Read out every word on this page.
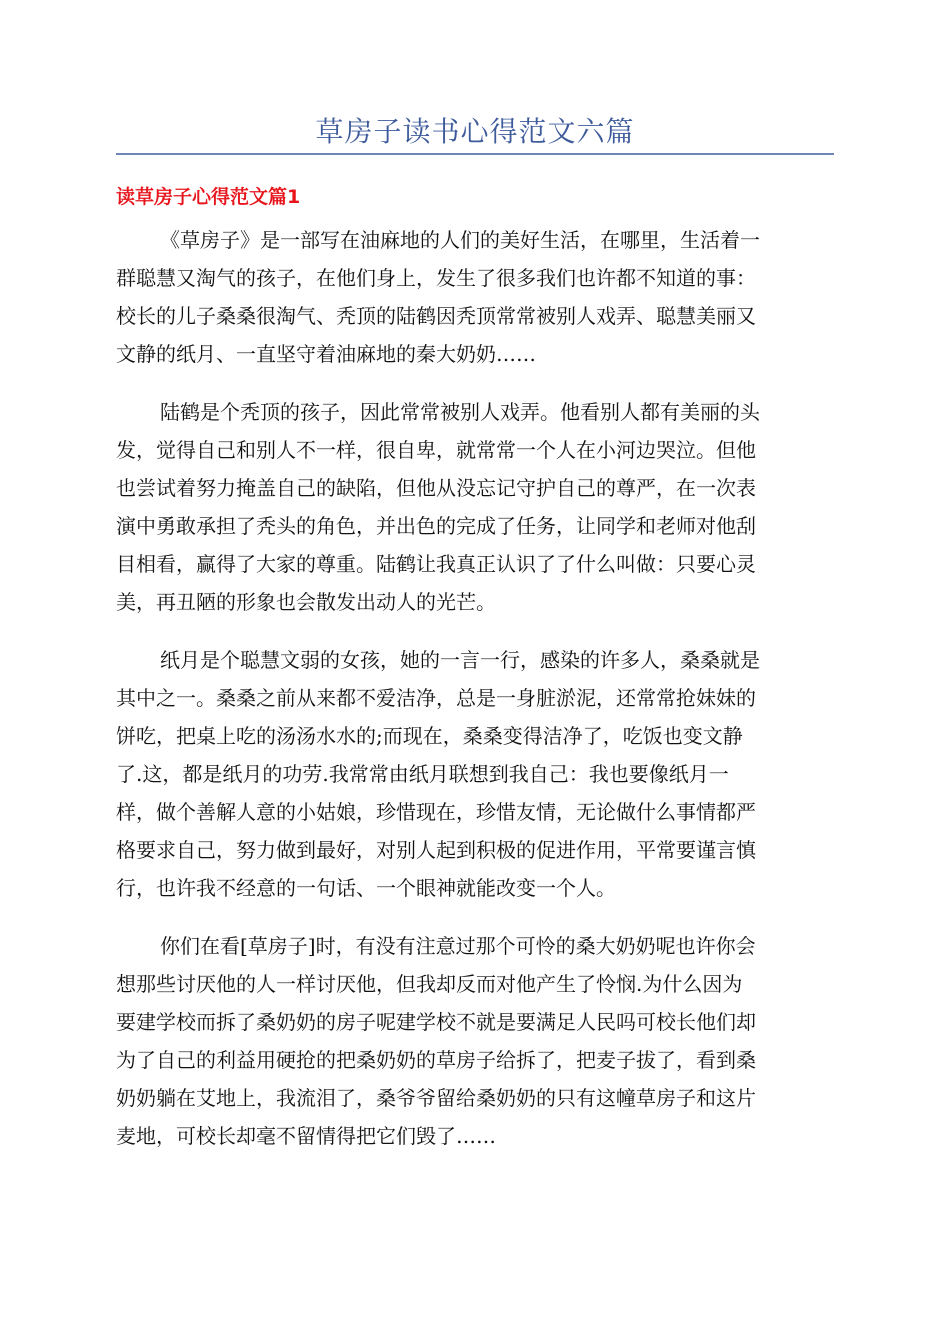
草房子读书心得范文六篇
读草房子心得范文篇1
《草房子》是一部写在油麻地的人们的美好生活，在哪里，生活着一
群聪慧又淘气的孩子，在他们身上，发生了很多我们也许都不知道的事：
校长的儿子桑桑很淘气、秃顶的陆鹤因秃顶常常被别人戏弄、聪慧美丽又
文静的纸月、一直坚守着油麻地的秦大奶奶……
陆鹤是个秃顶的孩子，因此常常被别人戏弄。他看别人都有美丽的头
发，觉得自己和别人不一样，很自卑，就常常一个人在小河边哭泣。但他
也尝试着努力掩盖自己的缺陷，但他从没忘记守护自己的尊严，在一次表
演中勇敢承担了秃头的角色，并出色的完成了任务，让同学和老师对他刮
目相看，赢得了大家的尊重。陆鹤让我真正认识了了什么叫做：只要心灵
美，再丑陋的形象也会散发出动人的光芒。
纸月是个聪慧文弱的女孩，她的一言一行，感染的许多人，桑桑就是
其中之一。桑桑之前从来都不爱洁净，总是一身脏淤泥，还常常抢妹妹的
饼吃，把桌上吃的汤汤水水的;而现在，桑桑变得洁净了，吃饭也变文静
了.这，都是纸月的功劳.我常常由纸月联想到我自己：我也要像纸月一
样，做个善解人意的小姑娘，珍惜现在，珍惜友情，无论做什么事情都严
格要求自己，努力做到最好，对别人起到积极的促进作用，平常要谨言慎
行，也许我不经意的一句话、一个眼神就能改变一个人。
你们在看[草房子]时，有没有注意过那个可怜的桑大奶奶呢也许你会
想那些讨厌他的人一样讨厌他，但我却反而对他产生了怜悯.为什么因为
要建学校而拆了桑奶奶的房子呢建学校不就是要满足人民吗可校长他们却
为了自己的利益用硬抢的把桑奶奶的草房子给拆了，把麦子拔了，看到桑
奶奶躺在艾地上，我流泪了，桑爷爷留给桑奶奶的只有这幢草房子和这片
麦地，可校长却毫不留情得把它们毁了……
